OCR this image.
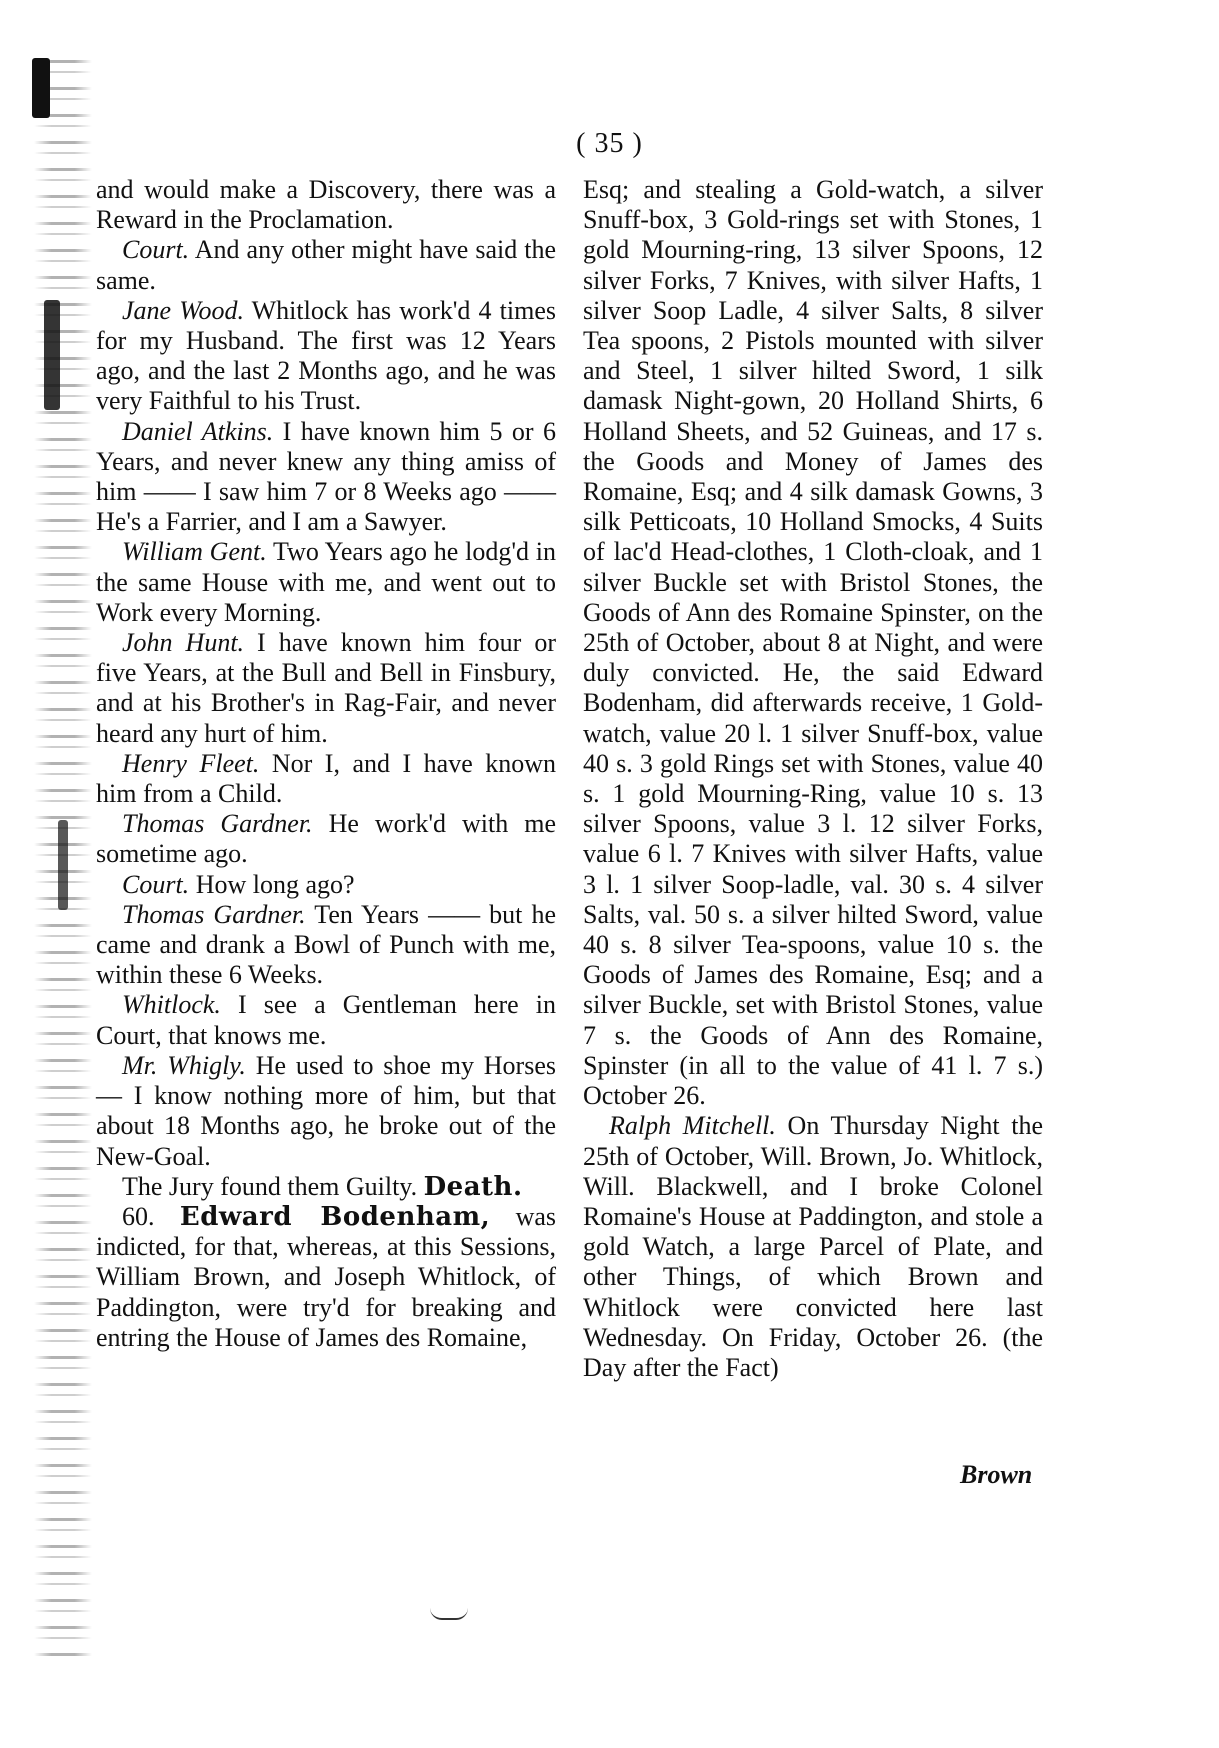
( 35 )

and would make a Discovery, there was a Reward in the Proclamation.

Court. And any other might have said the same.

Jane Wood. Whitlock has work'd 4 times for my Husband. The first was 12 Years ago, and the last 2 Months ago, and he was very Faithful to his Trust.

Daniel Atkins. I have known him 5 or 6 Years, and never knew any thing amiss of him —— I saw him 7 or 8 Weeks ago —— He's a Farrier, and I am a Sawyer.

William Gent. Two Years ago he lodg'd in the same House with me, and went out to Work every Morning.

John Hunt. I have known him four or five Years, at the Bull and Bell in Finsbury, and at his Brother's in Rag-Fair, and never heard any hurt of him.

Henry Fleet. Nor I, and I have known him from a Child.

Thomas Gardner. He work'd with me sometime ago.

Court. How long ago?

Thomas Gardner. Ten Years —— but he came and drank a Bowl of Punch with me, within these 6 Weeks.

Whitlock. I see a Gentleman here in Court, that knows me.

Mr. Whigly. He used to shoe my Horses — I know nothing more of him, but that about 18 Months ago, he broke out of the New-Goal.

The Jury found them Guilty. Death.

60. Edward Bodenham, was indicted, for that, whereas, at this Sessions, William Brown, and Joseph Whitlock, of Paddington, were try'd for breaking and entring the House of James des Romaine,

Esq; and stealing a Gold-watch, a silver Snuff-box, 3 Gold-rings set with Stones, 1 gold Mourning-ring, 13 silver Spoons, 12 silver Forks, 7 Knives, with silver Hafts, 1 silver Soop Ladle, 4 silver Salts, 8 silver Tea spoons, 2 Pistols mounted with silver and Steel, 1 silver hilted Sword, 1 silk damask Night-gown, 20 Holland Shirts, 6 Holland Sheets, and 52 Guineas, and 17 s. the Goods and Money of James des Romaine, Esq; and 4 silk damask Gowns, 3 silk Petticoats, 10 Holland Smocks, 4 Suits of lac'd Head-clothes, 1 Cloth-cloak, and 1 silver Buckle set with Bristol Stones, the Goods of Ann des Romaine Spinster, on the 25th of October, about 8 at Night, and were duly convicted. He, the said Edward Bodenham, did afterwards receive, 1 Gold-watch, value 20 l. 1 silver Snuff-box, value 40 s. 3 gold Rings set with Stones, value 40 s. 1 gold Mourning-Ring, value 10 s. 13 silver Spoons, value 3 l. 12 silver Forks, value 6 l. 7 Knives with silver Hafts, value 3 l. 1 silver Soop-ladle, val. 30 s. 4 silver Salts, val. 50 s. a silver hilted Sword, value 40 s. 8 silver Tea-spoons, value 10 s. the Goods of James des Romaine, Esq; and a silver Buckle, set with Bristol Stones, value 7 s. the Goods of Ann des Romaine, Spinster (in all to the value of 41 l. 7 s.) October 26.

Ralph Mitchell. On Thursday Night the 25th of October, Will. Brown, Jo. Whitlock, Will. Blackwell, and I broke Colonel Romaine's House at Paddington, and stole a gold Watch, a large Parcel of Plate, and other Things, of which Brown and Whitlock were convicted here last Wednesday. On Friday, October 26. (the Day after the Fact)

Brown
